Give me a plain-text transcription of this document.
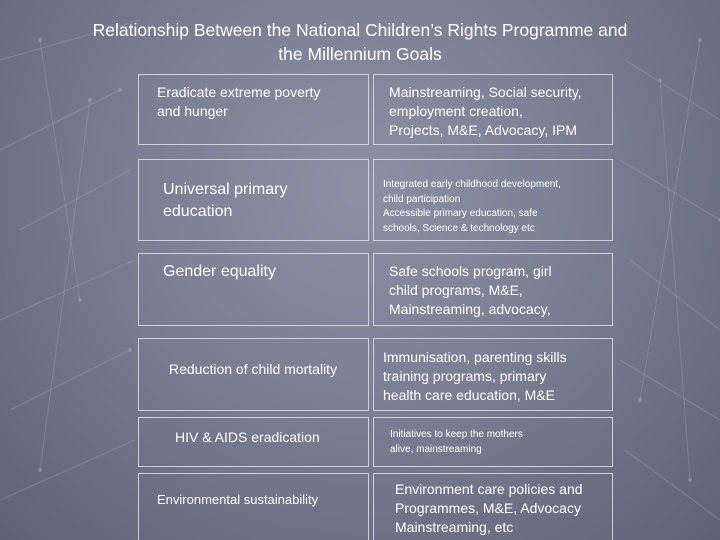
Relationship Between the National Children’s Rights Programme and
the Millennium Goals

Eradicate extreme poverty
and hunger

Mainstreaming, Social security,
employment creation,
Projects, M&E, Advocacy, IPM

Universal primary
education

Integrated early childhood development,
child participation
Accessible primary education, safe
schools, Science & technology etc

Gender equality	Safe schools program, girl
child programs, M&E,
Mainstreaming, advocacy,

Reduction of child mortality

Immunisation, parenting skills
training programs, primary
health care education, M&E

HIV & AIDS eradication	Initiatives to keep the mothers
alive, mainstreaming

Environmental sustainability

Environment care policies and
Programmes, M&E, Advocacy
Mainstreaming, etc
